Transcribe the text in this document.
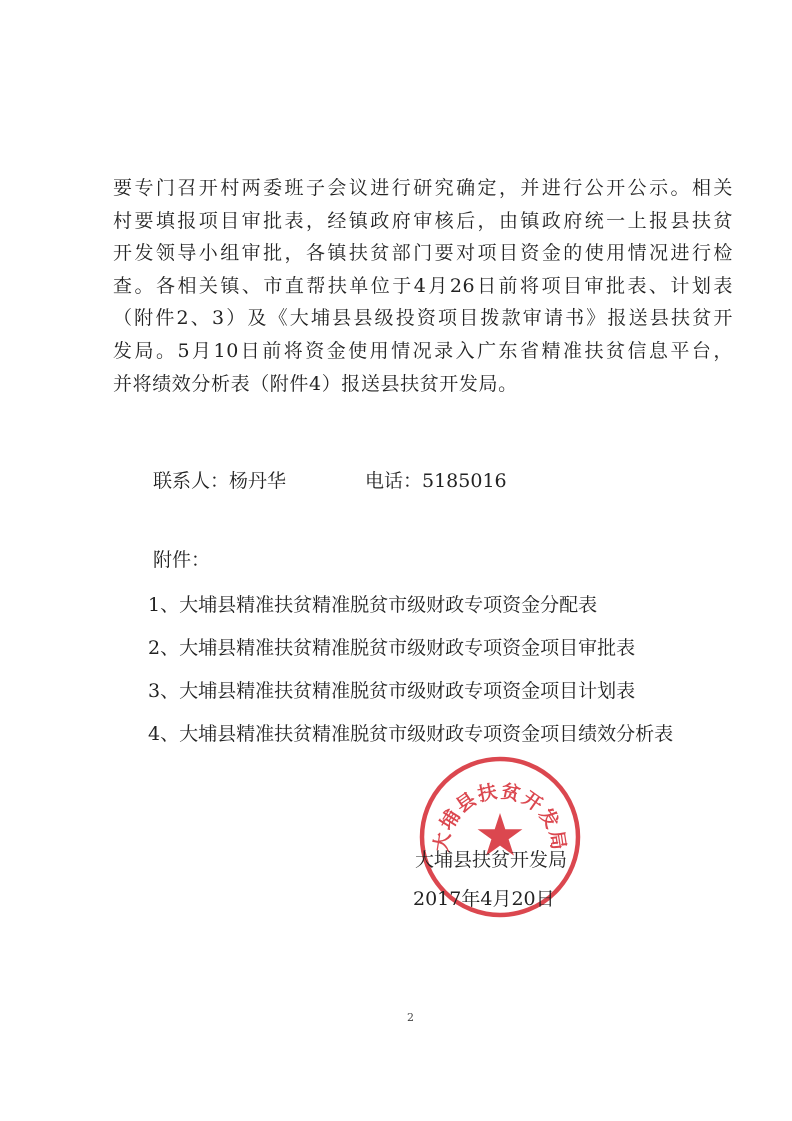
要专门召开村两委班子会议进行研究确定，并进行公开公示。相关
村要填报项目审批表，经镇政府审核后，由镇政府统一上报县扶贫
开发领导小组审批，各镇扶贫部门要对项目资金的使用情况进行检
查。各相关镇、市直帮扶单位于4月26日前将项目审批表、计划表
（附件2、3）及《大埔县县级投资项目拨款审请书》报送县扶贫开
发局。5月10日前将资金使用情况录入广东省精准扶贫信息平台，
并将绩效分析表（附件4）报送县扶贫开发局。
联系人：杨丹华	电话：5185016
附件：
1、大埔县精准扶贫精准脱贫市级财政专项资金分配表
2、大埔县精准扶贫精准脱贫市级财政专项资金项目审批表
3、大埔县精准扶贫精准脱贫市级财政专项资金项目计划表
4、大埔县精准扶贫精准脱贫市级财政专项资金项目绩效分析表
大埔县扶贫开发局
大埔县扶贫开发局
2017年4月20日
2
